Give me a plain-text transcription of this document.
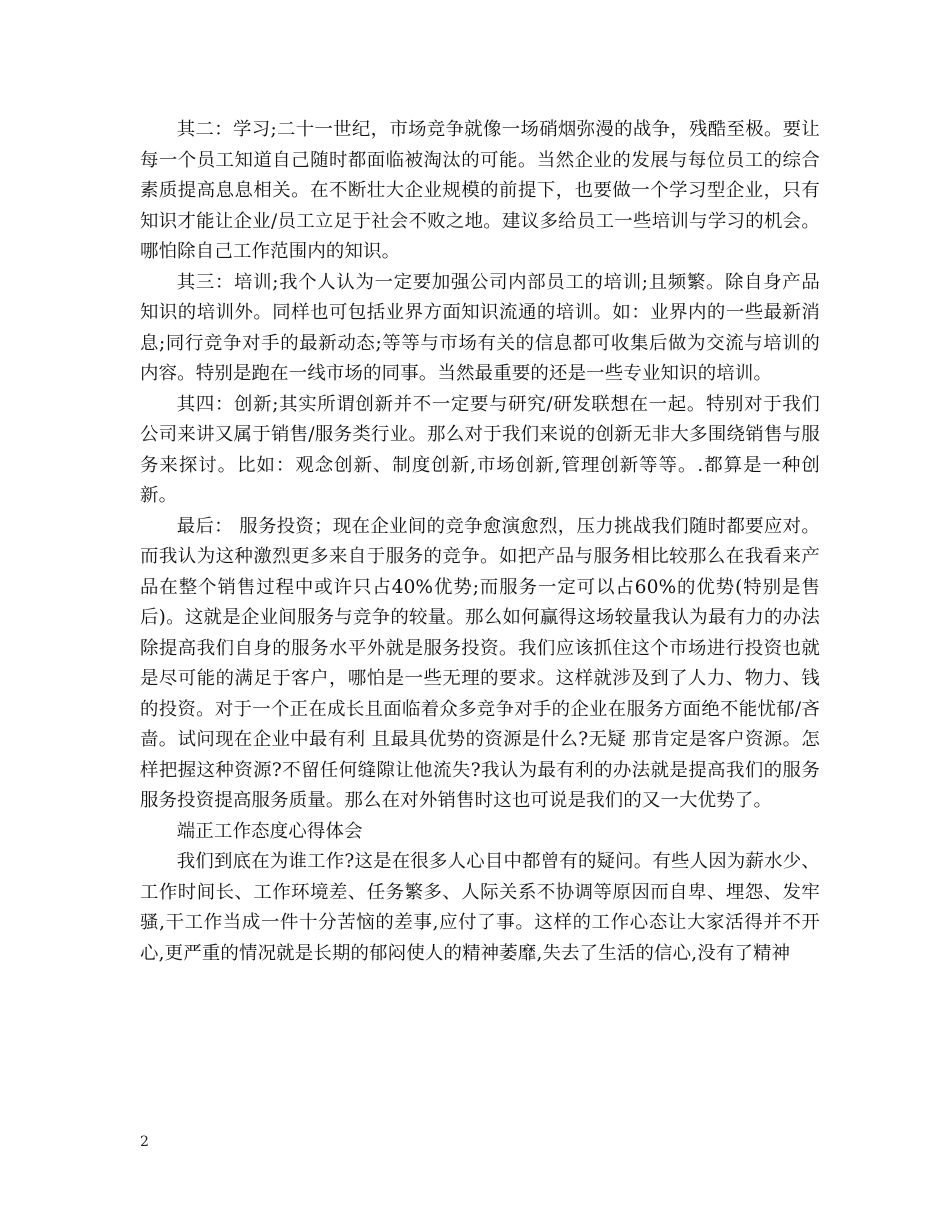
其二：学习;二十一世纪，市场竞争就像一场硝烟弥漫的战争，残酷至极。要让每一个员工知道自己随时都面临被淘汰的可能。当然企业的发展与每位员工的综合素质提高息息相关。在不断壮大企业规模的前提下，也要做一个学习型企业，只有知识才能让企业/员工立足于社会不败之地。建议多给员工一些培训与学习的机会。哪怕除自己工作范围内的知识。

其三：培训;我个人认为一定要加强公司内部员工的培训;且频繁。除自身产品知识的培训外。同样也可包括业界方面知识流通的培训。如：业界内的一些最新消息;同行竞争对手的最新动态;等等与市场有关的信息都可收集后做为交流与培训的内容。特别是跑在一线市场的同事。当然最重要的还是一些专业知识的培训。

其四：创新;其实所谓创新并不一定要与研究/研发联想在一起。特别对于我们公司来讲又属于销售/服务类行业。那么对于我们来说的创新无非大多围绕销售与服务来探讨。比如：观念创新、制度创新,市场创新,管理创新等等。.都算是一种创新。

最后： 服务投资；现在企业间的竞争愈演愈烈，压力挑战我们随时都要应对。而我认为这种激烈更多来自于服务的竞争。如把产品与服务相比较那么在我看来产品在整个销售过程中或许只占40%优势;而服务一定可以占60%的优势(特别是售后)。这就是企业间服务与竞争的较量。那么如何赢得这场较量我认为最有力的办法除提高我们自身的服务水平外就是服务投资。我们应该抓住这个市场进行投资也就是尽可能的满足于客户，哪怕是一些无理的要求。这样就涉及到了人力、物力、钱的投资。对于一个正在成长且面临着众多竞争对手的企业在服务方面绝不能忧郁/吝啬。试问现在企业中最有利 且最具优势的资源是什么?无疑 那肯定是客户资源。怎样把握这种资源?不留任何缝隙让他流失?我认为最有利的办法就是提高我们的服务服务投资提高服务质量。那么在对外销售时这也可说是我们的又一大优势了。

端正工作态度心得体会

我们到底在为谁工作?这是在很多人心目中都曾有的疑问。有些人因为薪水少、工作时间长、工作环境差、任务繁多、人际关系不协调等原因而自卑、埋怨、发牢骚,干工作当成一件十分苦恼的差事,应付了事。这样的工作心态让大家活得并不开心,更严重的情况就是长期的郁闷使人的精神萎靡,失去了生活的信心,没有了精神

2
